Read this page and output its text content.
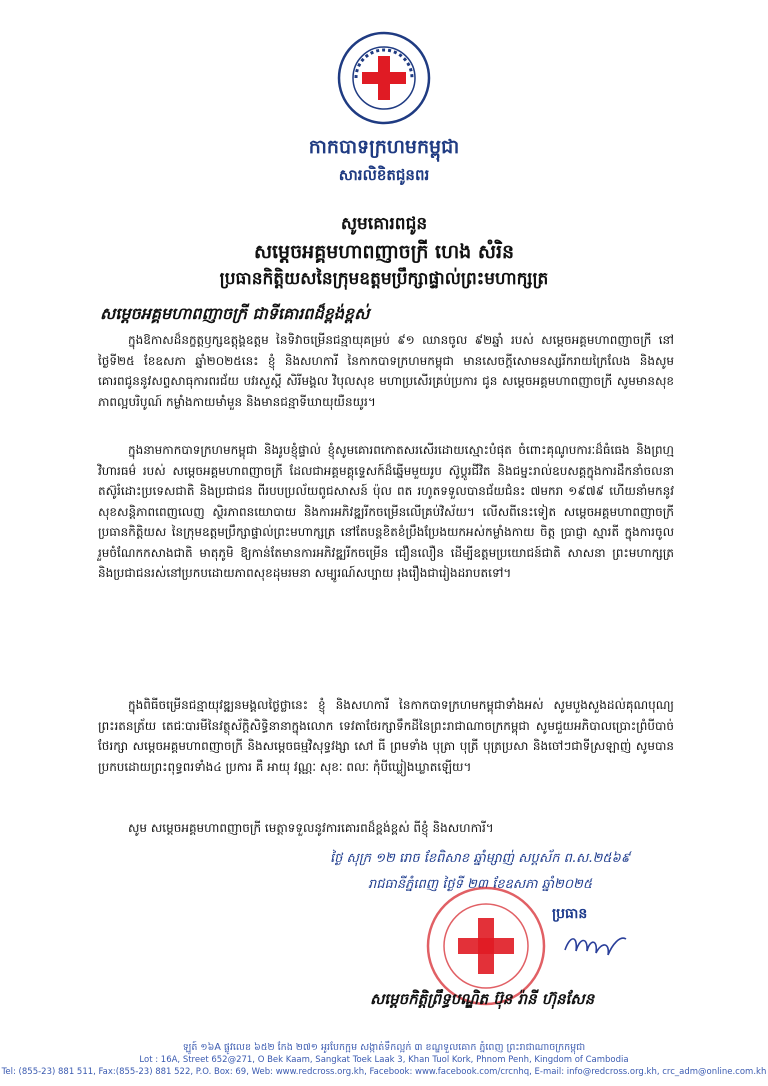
កាកបាទក្រហមកម្ពុជា
សារលិខិតជូនពរ
សូមគោរពជូន
សម្ដេចអគ្គមហាពញាចក្រី ហេង សំរិន
ប្រធានកិត្តិយសនៃក្រុមឧត្តមប្រឹក្សាផ្ទាល់ព្រះមហាក្សត្រ
សម្ដេចអគ្គមហាពញាចក្រី ជាទីគោរពដ៏ខ្ពង់ខ្ពស់
ក្នុងឱកាសដ៏នក្ខត្តឫក្សឧត្តុង្គឧត្តម នៃទិវាចម្រើនជន្មាយុគម្រប់ ៩១ ឈានចូល ៩២ឆ្នាំ របស់ សម្ដេចអគ្គមហាពញាចក្រី នៅថ្ងៃទី២៥ ខែឧសភា ឆ្នាំ២០២៥នេះ ខ្ញុំ និងសហការី នៃកាកបាទក្រហមកម្ពុជា មានសេចក្ដីសោមនស្សរីករាយក្រៃលែង និងសូមគោរពជូននូវសព្ទសាធុការពរជ័យ បវរសួស្ដី សិរីមង្គល វិបុលសុខ មហាប្រសើរគ្រប់ប្រការ ជូន សម្ដេចអគ្គមហាពញាចក្រី សូមមានសុខភាពល្អបរិបូណ៍ កម្លាំងកាយមាំមួន និងមានជន្មាទីឃាយុយឺនយូរ។
ក្នុងនាមកាកបាទក្រហមកម្ពុជា និងរូបខ្ញុំផ្ទាល់ ខ្ញុំសូមគោរពកោតសរសើរដោយស្មោះបំផុត ចំពោះគុណូបការៈដ៏ធំធេង និងព្រហ្មវិហារធម៌ របស់ សម្ដេចអគ្គមហាពញាចក្រី ដែលជាអគ្គមគ្គុទ្ទេសក៍ដ៏ឆ្នើមមួយរូប ស៊ូប្ដូរជីវិត និងជម្នះរាល់ឧបសគ្គក្នុងការដឹកនាំចលនាតស៊ូរំដោះប្រទេសជាតិ និងប្រជាជន ពីរបបប្រល័យពូជសាសន៍ ប៉ុល ពត រហូតទទួលបានជ័យជំនះ ៧មករា ១៩៧៩ ហើយនាំមកនូវសុខសន្តិភាពពេញលេញ ស្ថិរភាពនយោបាយ និងការអភិវឌ្ឍរីកចម្រើនលើគ្រប់វិស័យ។ លើសពីនេះទៀត សម្ដេចអគ្គមហាពញាចក្រី ប្រធានកិត្តិយស នៃក្រុមឧត្តមប្រឹក្សាផ្ទាល់ព្រះមហាក្សត្រ នៅតែបន្តខិតខំប្រឹងប្រែងយកអស់កម្លាំងកាយ ចិត្ត ប្រាជ្ញា ស្មារតី ក្នុងការចូលរួមចំណែកកសាងជាតិ មាតុភូមិ ឱ្យកាន់តែមានការអភិវឌ្ឍរីកចម្រើន ជឿនលឿន ដើម្បីឧត្តមប្រយោជន៍ជាតិ សាសនា ព្រះមហាក្សត្រ និងប្រជាជនរស់នៅប្រកបដោយភាពសុខដុមរមនា សម្បូរណ៍សប្បាយ រុងរឿងជារៀងដរាបតទៅ។
ក្នុងពិធីចម្រើនជន្មាយុវឌ្ឍនមង្គលថ្ងៃថ្លានេះ ខ្ញុំ និងសហការី នៃកាកបាទក្រហមកម្ពុជាទាំងអស់ សូមបួងសួងដល់គុណបុណ្យព្រះរតនត្រ័យ តេជៈបារមីនៃវត្ថុស័ក្ដិសិទ្ធិនានាក្នុងលោក ទេវតាថែរក្សាទឹកដីនៃព្រះរាជាណាចក្រកម្ពុជា សូមជួយអភិបាលប្រោះព្រំបីបាច់ថែរក្សា សម្ដេចអគ្គមហាពញាចក្រី និងសម្ដេចធម្មវិសុទ្ធវង្សា សៅ ធី ព្រមទាំង បុត្រា បុត្រី បុត្រប្រសា និងចៅៗជាទីស្រឡាញ់ សូមបានប្រកបដោយព្រះពុទ្ធពរទាំង៤ ប្រការ គឺ អាយុ វណ្ណៈ សុខៈ ពលៈ កុំបីឃ្លៀងឃ្លាតឡើយ។
សូម សម្ដេចអគ្គមហាពញាចក្រី មេត្តាទទួលនូវការគោរពដ៏ខ្ពង់ខ្ពស់ ពីខ្ញុំ និងសហការី។
ថ្ងៃ សុក្រ ១២ រោច ខែពិសាខ ឆ្នាំម្សាញ់ សប្តស័ក ព.ស.២៥៦៩
រាជធានីភ្នំពេញ ថ្ងៃទី ២៣ ខែឧសភា ឆ្នាំ២០២៥
ប្រធាន
សម្ដេចកិត្តិព្រឹទ្ធបណ្ឌិត ប៊ុន រ៉ានី ហ៊ុនសែន
ឡូត៍ ១៦A ផ្លូវលេខ ៦៥២ កែង ២៧១ អូរបែកក្អម សង្កាត់ទឹកល្អក់ ៣ ខណ្ឌទួលគោក ភ្នំពេញ ព្រះរាជាណាចក្រកម្ពុជា
Lot : 16A, Street 652@271, O Bek Kaam, Sangkat Toek Laak 3, Khan Tuol Kork, Phnom Penh, Kingdom of Cambodia
Tel: (855-23) 881 511, Fax:(855-23) 881 522, P.O. Box: 69, Web: www.redcross.org.kh, Facebook: www.facebook.com/crcnhq, E-mail: info@redcross.org.kh, crc_adm@online.com.kh
